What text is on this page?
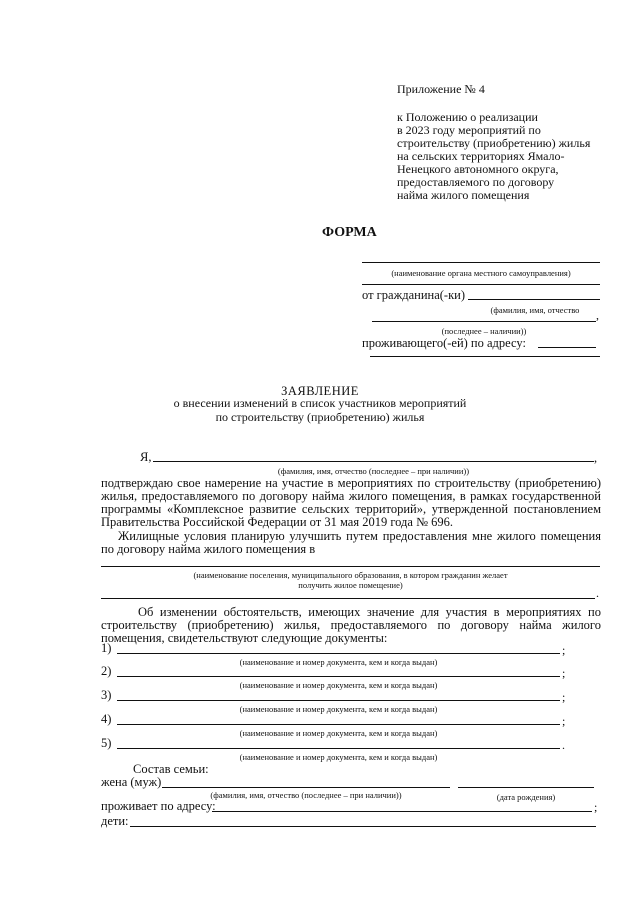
Приложение № 4
к Положению о реализации
в 2023 году мероприятий по
строительству (приобретению) жилья
на сельских территориях Ямало-
Ненецкого автономного округа,
предоставляемого по договору
найма жилого помещения
ФОРМА
(наименование органа местного самоуправления)
от гражданина(-ки)
(фамилия, имя, отчество	,
(последнее – наличии))
проживающего(-ей) по адресу:
ЗАЯВЛЕНИЕ
о внесении изменений в список участников мероприятий
по строительству (приобретению) жилья
Я,	,
(фамилия, имя, отчество (последнее – при наличии))
подтверждаю свое намерение на участие в мероприятиях по строительству (приобретению)
жилья, предоставляемого по договору найма жилого помещения, в рамках государственной
программы «Комплексное развитие сельских территорий», утвержденной постановлением
Правительства Российской Федерации от 31 мая 2019 года № 696.
Жилищные условия планирую улучшить путем предоставления мне жилого помещения
по договору найма жилого помещения в
(наименование поселения, муниципального образования, в котором гражданин желает
получить жилое помещение)
.
Об изменении обстоятельств, имеющих значение для участия в мероприятиях по
строительству (приобретению) жилья, предоставляемого по договору найма жилого
помещения, свидетельствуют следующие документы:
1)	;
(наименование и номер документа, кем и когда выдан)
2)	;
(наименование и номер документа, кем и когда выдан)
3)	;
(наименование и номер документа, кем и когда выдан)
4)	;
(наименование и номер документа, кем и когда выдан)
5)	.
(наименование и номер документа, кем и когда выдан)
Состав семьи:
жена (муж)
(фамилия, имя, отчество (последнее – при наличии))	(дата рождения)
проживает по адресу:	;
дети:
